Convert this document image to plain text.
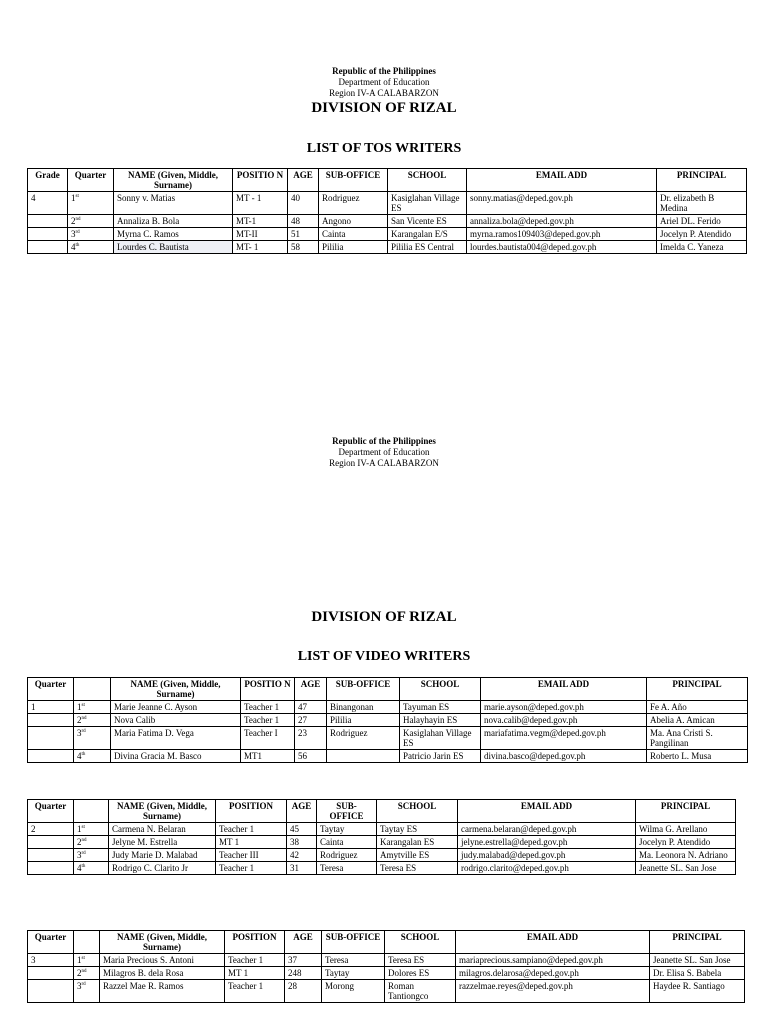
Republic of the Philippines
Department of Education
Region IV-A CALABARZON
DIVISION OF RIZAL
LIST OF TOS WRITERS
Grade	Quarter	NAME (Given, Middle, Surname)	POSITIO N	AGE	SUB-OFFICE	SCHOOL	EMAIL ADD	PRINCIPAL
4	1st	Sonny v. Matias	MT - 1	40	Rodriguez	Kasiglahan Village ES	sonny.matias@deped.gov.ph	Dr. elizabeth B Medina
	2nd	Annaliza B. Bola	MT-1	48	Angono	San Vicente ES	annaliza.bola@deped.gov.ph	Ariel DL. Ferido
	3rd	Myrna C. Ramos	MT-II	51	Cainta	Karangalan E/S	myrna.ramos109403@deped.gov.ph	Jocelyn P. Atendido
	4th	Lourdes C. Bautista	MT- 1	58	Pililia	Pililia ES Central	lourdes.bautista004@deped.gov.ph	Imelda C. Yaneza
Republic of the Philippines
Department of Education
Region IV-A CALABARZON
DIVISION OF RIZAL
LIST OF VIDEO WRITERS
Quarter		NAME (Given, Middle, Surname)	POSITIO N	AGE	SUB-OFFICE	SCHOOL	EMAIL ADD	PRINCIPAL
1	1st	Marie Jeanne C. Ayson	Teacher 1	47	Binangonan	Tayuman ES	marie.ayson@deped.gov.ph	Fe A. Año
	2nd	Nova Calib	Teacher 1	27	Pililia	Halayhayin ES	nova.calib@deped.gov.ph	Abelia A. Amican
	3rd	Maria Fatima D. Vega	Teacher I	23	Rodriguez	Kasiglahan Village ES	mariafatima.vegm@deped.gov.ph	Ma. Ana Cristi S. Pangilinan
	4th	Divina Gracia M. Basco	MT1	56		Patricio Jarin ES	divina.basco@deped.gov.ph	Roberto L. Musa
Quarter		NAME (Given, Middle, Surname)	POSITION	AGE	SUB-OFFICE	SCHOOL	EMAIL ADD	PRINCIPAL
2	1st	Carmena N. Belaran	Teacher 1	45	Taytay	Taytay ES	carmena.belaran@deped.gov.ph	Wilma G. Arellano
	2nd	Jelyne M. Estrella	MT 1	38	Cainta	Karangalan ES	jelyne.estrella@deped.gov.ph	Jocelyn P. Atendido
	3rd	Judy Marie D. Malabad	Teacher III	42	Rodriguez	Amytville ES	judy.malabad@deped.gov.ph	Ma. Leonora N. Adriano
	4th	Rodrigo C. Clarito Jr	Teacher 1	31	Teresa	Teresa ES	rodrigo.clarito@deped.gov.ph	Jeanette SL. San Jose
Quarter		NAME (Given, Middle, Surname)	POSITION	AGE	SUB-OFFICE	SCHOOL	EMAIL ADD	PRINCIPAL
3	1st	Maria Precious S. Antoni	Teacher 1	37	Teresa	Teresa ES	mariaprecious.sampiano@deped.gov.ph	Jeanette SL. San Jose
	2nd	Milagros B. dela Rosa	MT 1	248	Taytay	Dolores ES	milagros.delarosa@deped.gov.ph	Dr. Elisa S. Babela
	3rd	Razzel Mae R. Ramos	Teacher 1	28	Morong	Roman Tantiongco	razzelmae.reyes@deped.gov.ph	Haydee R. Santiago
